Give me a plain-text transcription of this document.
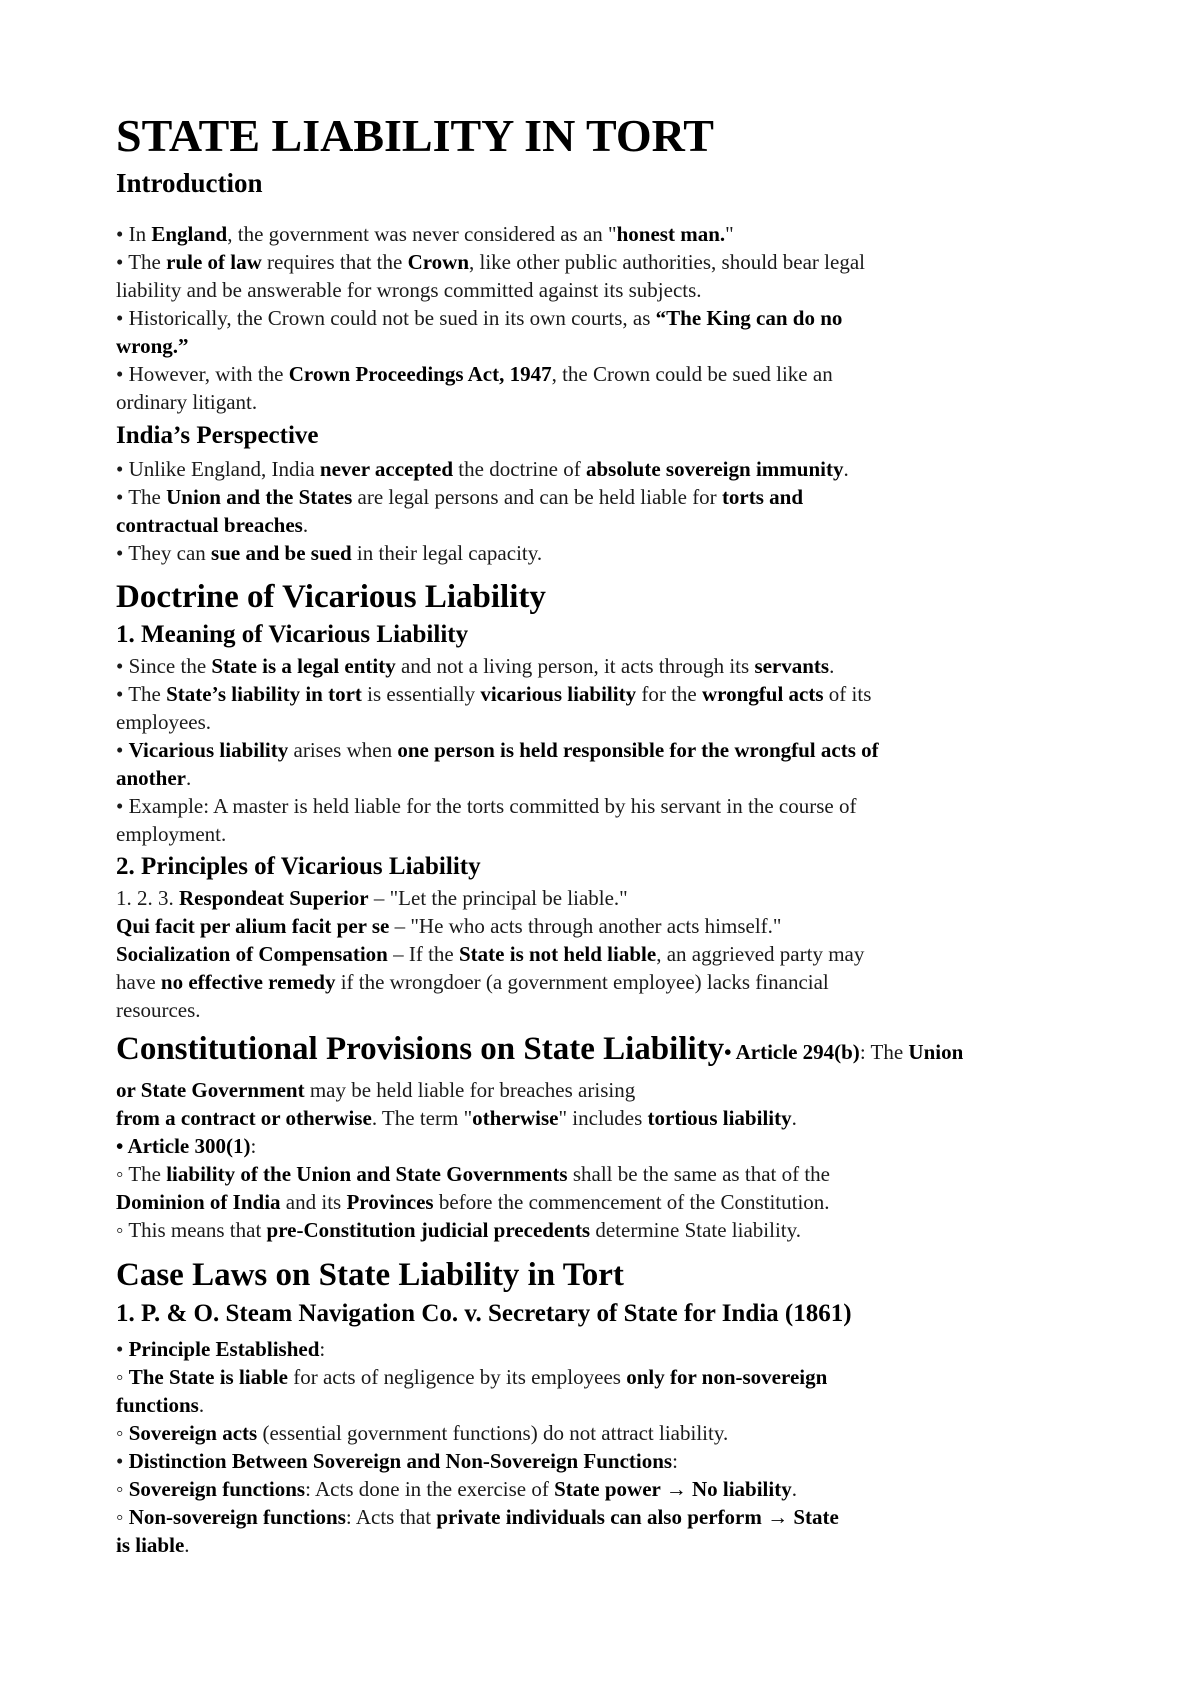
STATE LIABILITY IN TORT
Introduction
• In England, the government was never considered as an "honest man."
• The rule of law requires that the Crown, like other public authorities, should bear legal
liability and be answerable for wrongs committed against its subjects.
• Historically, the Crown could not be sued in its own courts, as “The King can do no
wrong.”
• However, with the Crown Proceedings Act, 1947, the Crown could be sued like an
ordinary litigant.
India’s Perspective
• Unlike England, India never accepted the doctrine of absolute sovereign immunity.
• The Union and the States are legal persons and can be held liable for torts and
contractual breaches.
• They can sue and be sued in their legal capacity.
Doctrine of Vicarious Liability
1. Meaning of Vicarious Liability
• Since the State is a legal entity and not a living person, it acts through its servants.
• The State’s liability in tort is essentially vicarious liability for the wrongful acts of its
employees.
• Vicarious liability arises when one person is held responsible for the wrongful acts of
another.
• Example: A master is held liable for the torts committed by his servant in the course of
employment.
2. Principles of Vicarious Liability
1. 2. 3. Respondeat Superior – "Let the principal be liable."
Qui facit per alium facit per se – "He who acts through another acts himself."
Socialization of Compensation – If the State is not held liable, an aggrieved party may
have no effective remedy if the wrongdoer (a government employee) lacks financial
resources.
Constitutional Provisions on State Liability• Article 294(b): The Union
or State Government may be held liable for breaches arising
from a contract or otherwise. The term "otherwise" includes tortious liability.
• Article 300(1):
◦ The liability of the Union and State Governments shall be the same as that of the
Dominion of India and its Provinces before the commencement of the Constitution.
◦ This means that pre-Constitution judicial precedents determine State liability.
Case Laws on State Liability in Tort
1. P. & O. Steam Navigation Co. v. Secretary of State for India (1861)
• Principle Established:
◦ The State is liable for acts of negligence by its employees only for non-sovereign
functions.
◦ Sovereign acts (essential government functions) do not attract liability.
• Distinction Between Sovereign and Non-Sovereign Functions:
◦ Sovereign functions: Acts done in the exercise of State power → No liability.
◦ Non-sovereign functions: Acts that private individuals can also perform → State
is liable.
